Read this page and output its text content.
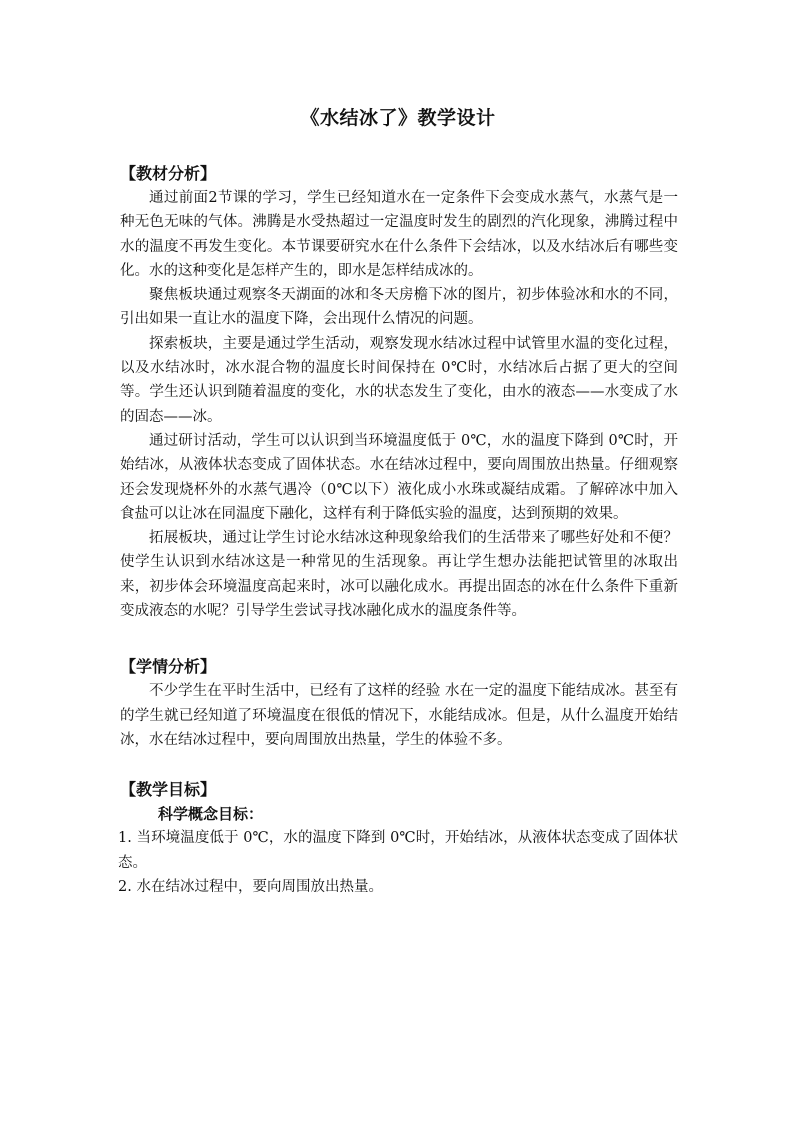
《水结冰了》教学设计
【教材分析】

通过前面2节课的学习，学生已经知道水在一定条件下会变成水蒸气，水蒸气是一种无色无味的气体。沸腾是水受热超过一定温度时发生的剧烈的汽化现象，沸腾过程中水的温度不再发生变化。本节课要研究水在什么条件下会结冰，以及水结冰后有哪些变化。水的这种变化是怎样产生的，即水是怎样结成冰的。

聚焦板块通过观察冬天湖面的冰和冬天房檐下冰的图片，初步体验冰和水的不同，引出如果一直让水的温度下降，会出现什么情况的问题。

探索板块，主要是通过学生活动，观察发现水结冰过程中试管里水温的变化过程，以及水结冰时，冰水混合物的温度长时间保持在 0℃时，水结冰后占据了更大的空间等。学生还认识到随着温度的变化，水的状态发生了变化，由水的液态——水变成了水的固态——冰。

通过研讨活动，学生可以认识到当环境温度低于 0℃，水的温度下降到 0℃时，开始结冰，从液体状态变成了固体状态。水在结冰过程中，要向周围放出热量。仔细观察还会发现烧杯外的水蒸气遇冷（0℃以下）液化成小水珠或凝结成霜。了解碎冰中加入食盐可以让冰在同温度下融化，这样有利于降低实验的温度，达到预期的效果。

拓展板块，通过让学生讨论水结冰这种现象给我们的生活带来了哪些好处和不便？使学生认识到水结冰这是一种常见的生活现象。再让学生想办法能把试管里的冰取出来，初步体会环境温度高起来时，冰可以融化成水。再提出固态的冰在什么条件下重新变成液态的水呢？引导学生尝试寻找冰融化成水的温度条件等。

【学情分析】

不少学生在平时生活中，已经有了这样的经验 水在一定的温度下能结成冰。甚至有的学生就已经知道了环境温度在很低的情况下，水能结成冰。但是，从什么温度开始结冰，水在结冰过程中，要向周围放出热量，学生的体验不多。

【教学目标】
科学概念目标：

1. 当环境温度低于 0℃，水的温度下降到 0℃时，开始结冰，从液体状态变成了固体状态。

2. 水在结冰过程中，要向周围放出热量。
